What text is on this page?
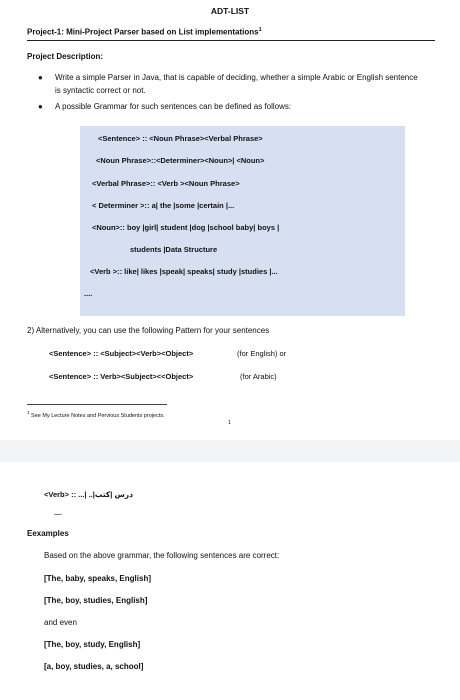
ADT-LIST
Project-1: Mini-Project Parser based on List implementations$^1$
Project Description:
● Write a simple Parser in Java, that is capable of deciding, whether a simple Arabic or English sentence is syntactic correct or not.
● A possible Grammar for such sentences can be defined as follows:
<Sentence> :: <Noun Phrase><Verbal Phrase>
<Noun Phrase>::<Determiner><Noun>| <Noun>
<Verbal Phrase>:: <Verb ><Noun Phrase>
< Determiner >:: a| the |some |certain |...
<Noun>:: boy |girl| student |dog |school baby| boys |
students |Data Structure
<Verb >:: like| likes |speak| speaks| study |studies |...
....
2) Alternatively, you can use the following Pattern for your sentences
<Sentence> :: <Subject><Verb><Object>	(for English) or
<Sentence> :: Verb><Subject><<Object>	(for Arabic)
$^1$ See My Lecture Notes and Pervious Students projects.
1
<Verb> :: ...| درس |كتب|..
....
Eexamples
Based on the above grammar, the following sentences are correct:
[The, baby, speaks, English]
[The, boy, studies, English]
and even
[The, boy, study, English]
[a, boy, studies, a, school]
